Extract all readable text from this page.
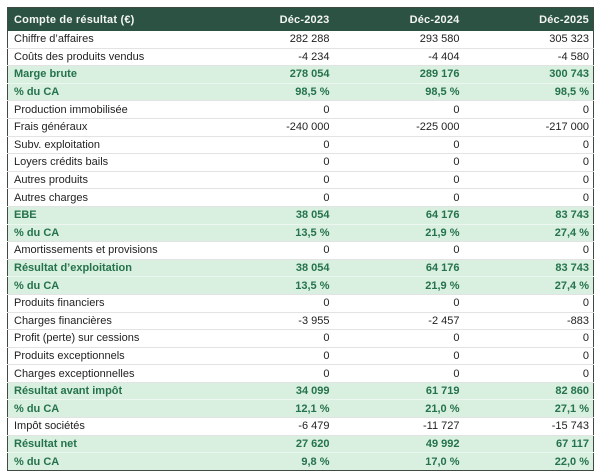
Compte de résultat (€)	Déc-2023	Déc-2024	Déc-2025
Chiffre d’affaires	282 288	293 580	305 323
Coûts des produits vendus	-4 234	-4 404	-4 580
Marge brute	278 054	289 176	300 743
% du CA	98,5 %	98,5 %	98,5 %
Production immobilisée	0	0	0
Frais généraux	-240 000	-225 000	-217 000
Subv. exploitation	0	0	0
Loyers crédits bails	0	0	0
Autres produits	0	0	0
Autres charges	0	0	0
EBE	38 054	64 176	83 743
% du CA	13,5 %	21,9 %	27,4 %
Amortissements et provisions	0	0	0
Résultat d’exploitation	38 054	64 176	83 743
% du CA	13,5 %	21,9 %	27,4 %
Produits financiers	0	0	0
Charges financières	-3 955	-2 457	-883
Profit (perte) sur cessions	0	0	0
Produits exceptionnels	0	0	0
Charges exceptionnelles	0	0	0
Résultat avant impôt	34 099	61 719	82 860
% du CA	12,1 %	21,0 %	27,1 %
Impôt sociétés	-6 479	-11 727	-15 743
Résultat net	27 620	49 992	67 117
% du CA	9,8 %	17,0 %	22,0 %
